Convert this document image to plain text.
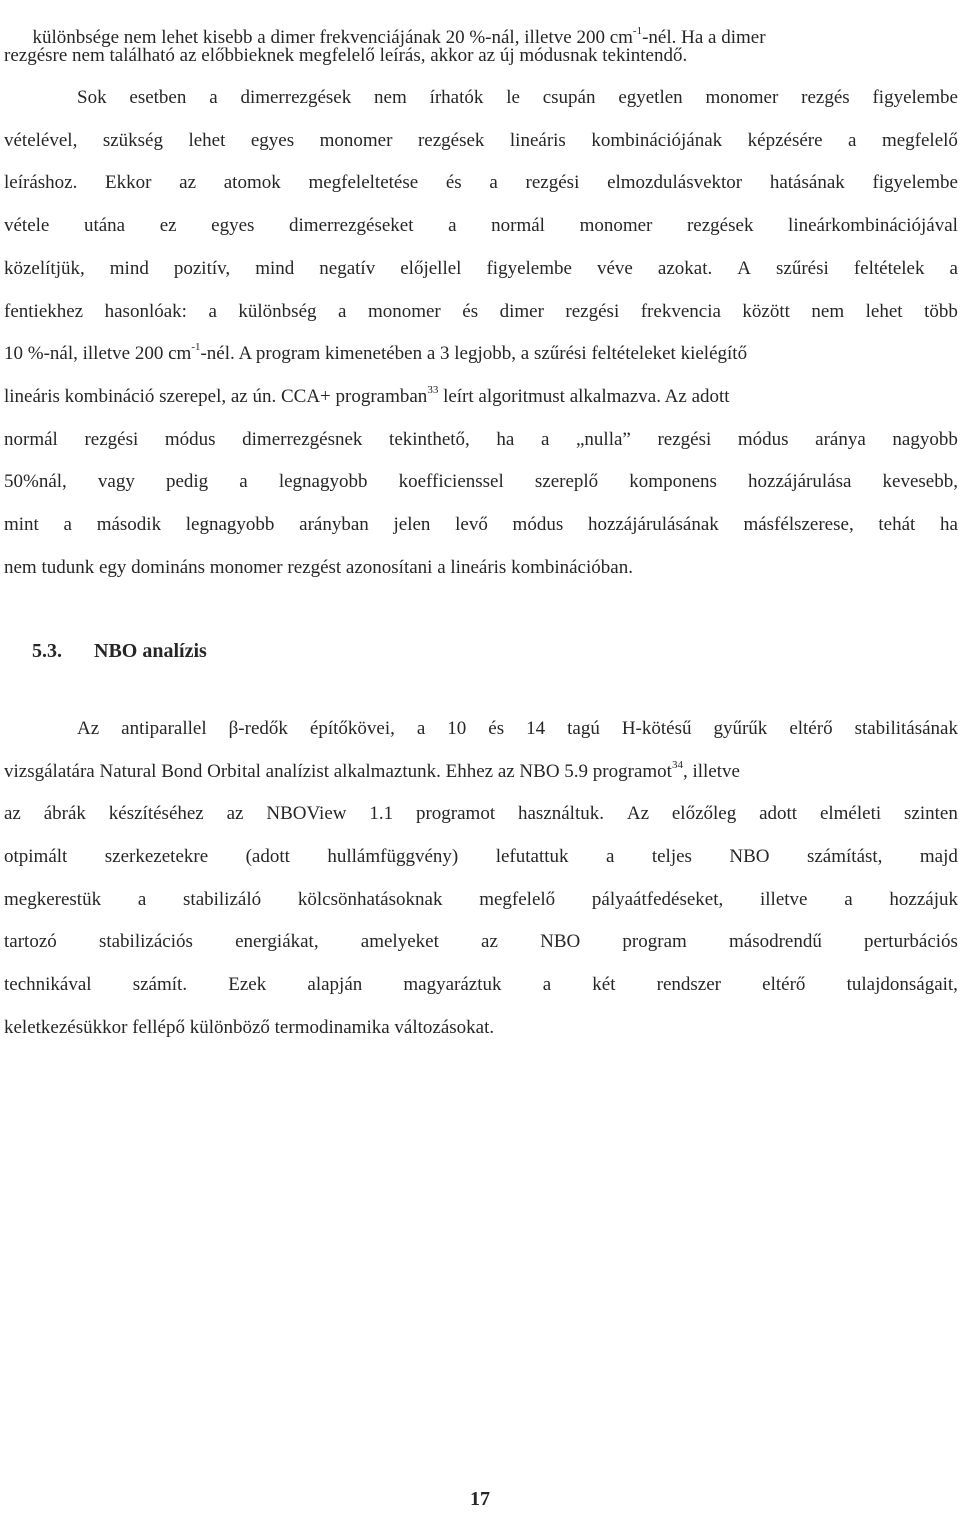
különbsége nem lehet kisebb a dimer frekvenciájának 20 %-nál, illetve 200 $cm^{-1}$-nél. Ha a dimer

rezgésre nem található az előbbieknek megfelelő leírás, akkor az új módusnak tekintendő.
Sok esetben a dimerrezgések nem írhatók le csupán egyetlen monomer rezgés figyelembe
vételével, szükség lehet egyes monomer rezgések lineáris kombinációjának képzésére a megfelelő
leíráshoz. Ekkor az atomok megfeleltetése és a rezgési elmozdulásvektor hatásának figyelembe
vétele utána ez egyes dimerrezgéseket a normál monomer rezgések lineárkombinációjával
közelítjük, mind pozitív, mind negatív előjellel figyelembe véve azokat. A szűrési feltételek a
fentiekhez hasonlóak: a különbség a monomer és dimer rezgési frekvencia között nem lehet több
10 %-nál, illetve 200 $cm^{-1}$-nél. A program kimenetében a 3 legjobb, a szűrési feltételeket kielégítő
lineáris kombináció szerepel, az ún. CCA+ programban$^{33}$ leírt algoritmust alkalmazva. Az adott
normál rezgési módus dimerrezgésnek tekinthető, ha a „nulla” rezgési módus aránya nagyobb
50%nál, vagy pedig a legnagyobb koefficienssel szereplő komponens hozzájárulása kevesebb,
mint a második legnagyobb arányban jelen levő módus hozzájárulásának másfélszerese, tehát ha
nem tudunk egy domináns monomer rezgést azonosítani a lineáris kombinációban.
5.3. NBO analízis
Az antiparallel β-redők építőkövei, a 10 és 14 tagú H-kötésű gyűrűk eltérő stabilitásának
vizsgálatára Natural Bond Orbital analízist alkalmaztunk. Ehhez az NBO 5.9 programot$^{34}$, illetve
az ábrák készítéséhez az NBOView 1.1 programot használtuk. Az előzőleg adott elméleti szinten
otpimált szerkezetekre (adott hullámfüggvény) lefutattuk a teljes NBO számítást, majd
megkerestük a stabilizáló kölcsönhatásoknak megfelelő pályaátfedéseket, illetve a hozzájuk
tartozó stabilizációs energiákat, amelyeket az NBO program másodrendű perturbációs
technikával számít. Ezek alapján magyaráztuk a két rendszer eltérő tulajdonságait,
keletkezésükkor fellépő különböző termodinamika változásokat.
17
